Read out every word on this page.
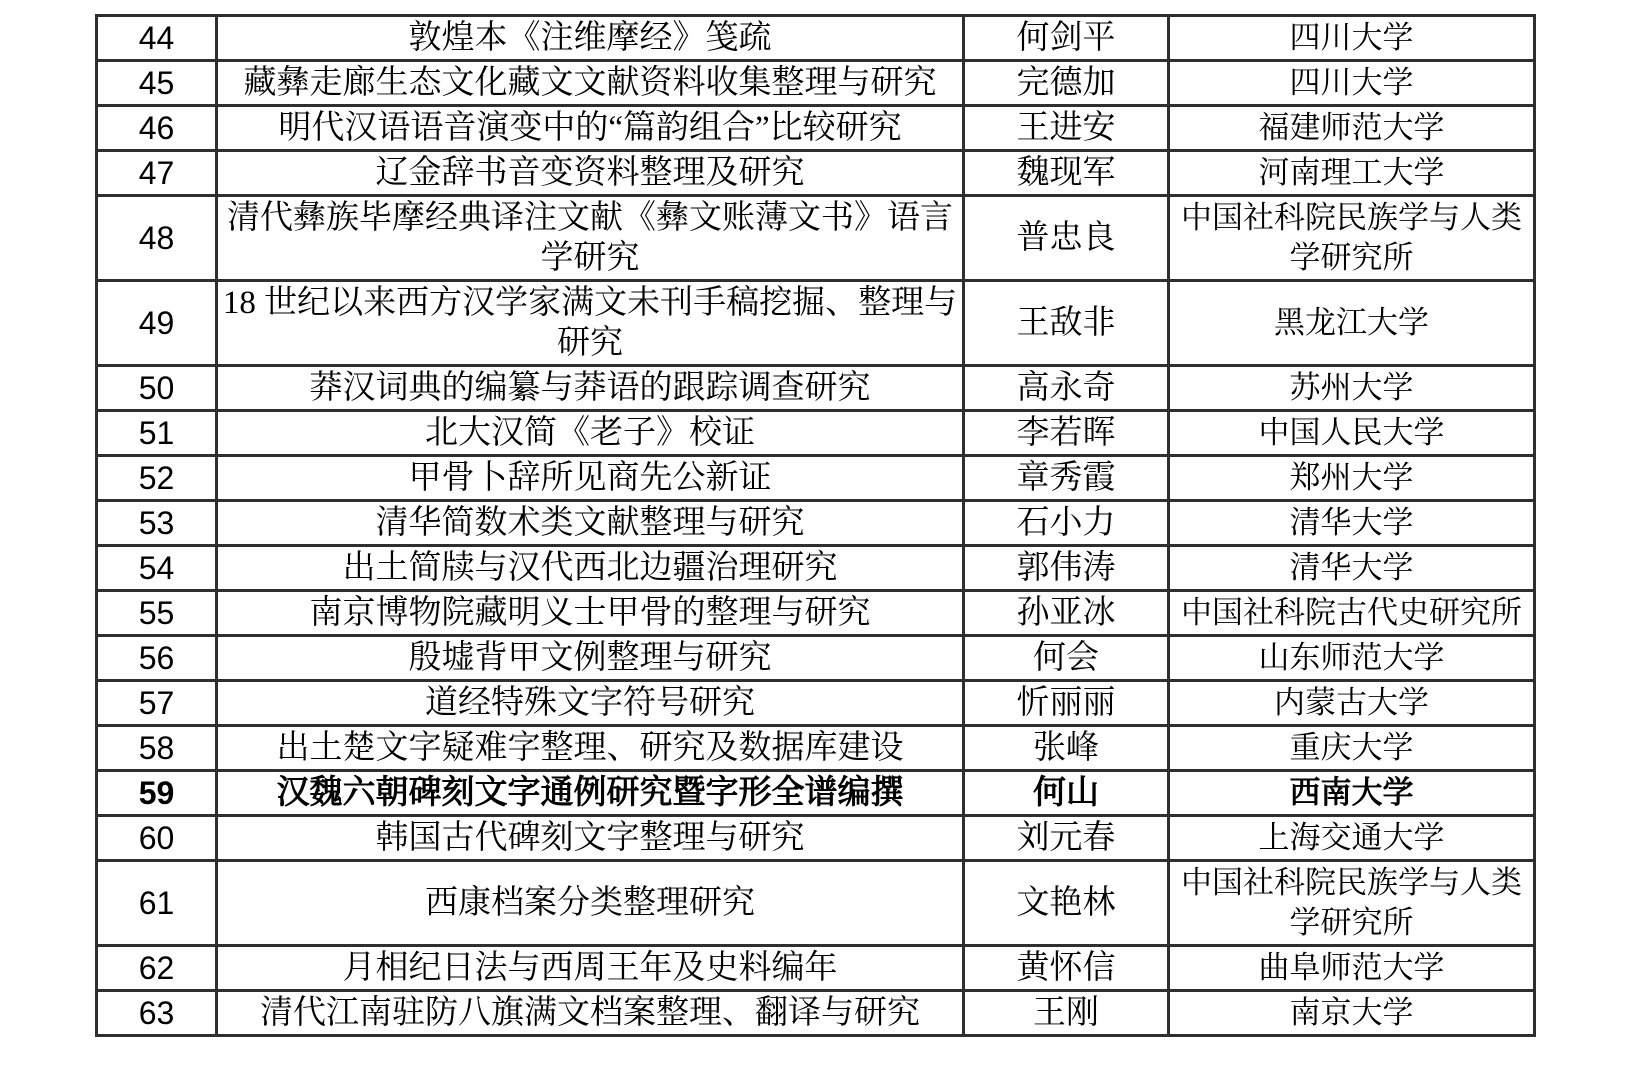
44	敦煌本《注维摩经》笺疏	何剑平	四川大学
45	藏彝走廊生态文化藏文文献资料收集整理与研究	完德加	四川大学
46	明代汉语语音演变中的“篇韵组合”比较研究	王进安	福建师范大学
47	辽金辞书音变资料整理及研究	魏现军	河南理工大学
48	清代彝族毕摩经典译注文献《彝文账薄文书》语言学研究	普忠良	中国社科院民族学与人类学研究所
49	18 世纪以来西方汉学家满文未刊手稿挖掘、整理与研究	王敌非	黑龙江大学
50	莽汉词典的编纂与莽语的跟踪调查研究	高永奇	苏州大学
51	北大汉简《老子》校证	李若晖	中国人民大学
52	甲骨卜辞所见商先公新证	章秀霞	郑州大学
53	清华简数术类文献整理与研究	石小力	清华大学
54	出土简牍与汉代西北边疆治理研究	郭伟涛	清华大学
55	南京博物院藏明义士甲骨的整理与研究	孙亚冰	中国社科院古代史研究所
56	殷墟背甲文例整理与研究	何会	山东师范大学
57	道经特殊文字符号研究	忻丽丽	内蒙古大学
58	出土楚文字疑难字整理、研究及数据库建设	张峰	重庆大学
59	汉魏六朝碑刻文字通例研究暨字形全谱编撰	何山	西南大学
60	韩国古代碑刻文字整理与研究	刘元春	上海交通大学
61	西康档案分类整理研究	文艳林	中国社科院民族学与人类学研究所
62	月相纪日法与西周王年及史料编年	黄怀信	曲阜师范大学
63	清代江南驻防八旗满文档案整理、翻译与研究	王刚	南京大学
